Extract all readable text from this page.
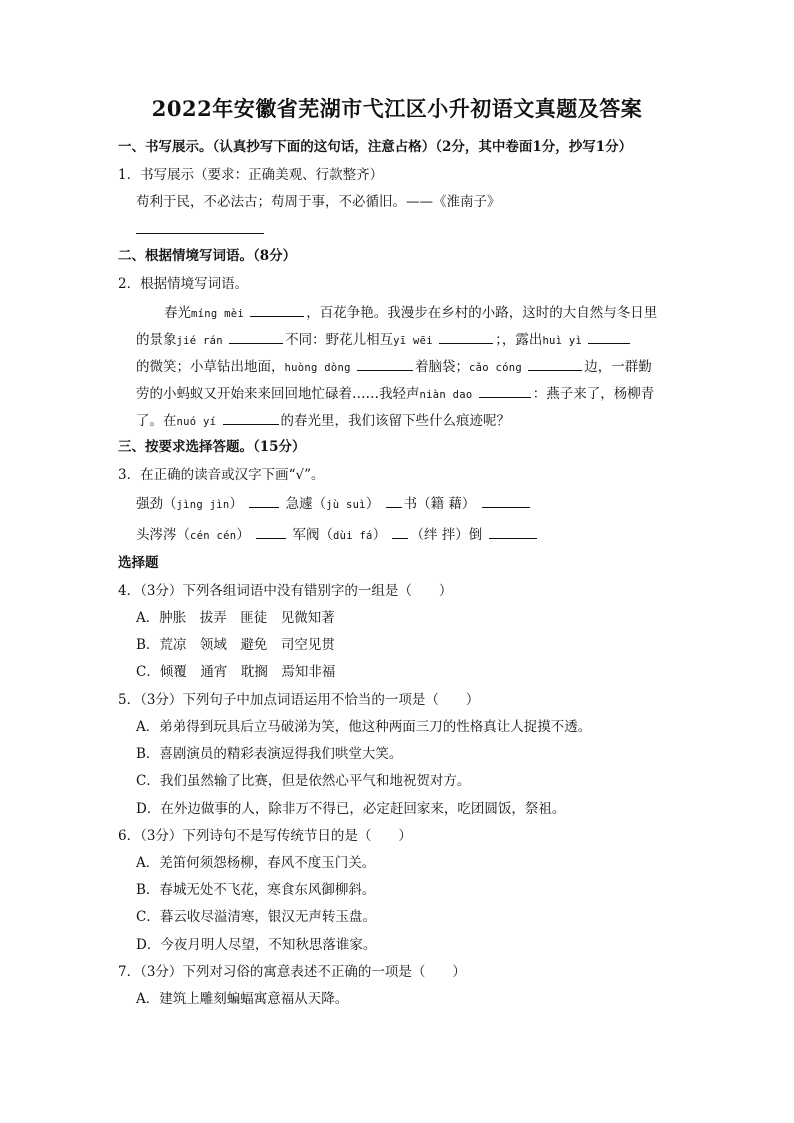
2022年安徽省芜湖市弋江区小升初语文真题及答案
一、书写展示。（认真抄写下面的这句话，注意占格）（2分，其中卷面1分，抄写1分）
1．书写展示（要求：正确美观、行款整齐）
苟利于民，不必法古；苟周于事，不必循旧。——《淮南子》
二、根据情境写词语。（8分）
2．根据情境写词语。
春光míng mèi	，百花争艳。我漫步在乡村的小路，这时的大自然与冬日里
的景象jié rán	不同：野花儿相互yī wēi	；，露出huì yì
的微笑；小草钻出地面，huòng dòng	着脑袋；cǎo cóng	边，一群勤
劳的小蚂蚁又开始来来回回地忙碌着……我轻声niàn dao	：燕子来了，杨柳青
了。在nuó yí	的春光里，我们该留下些什么痕迹呢？
三、按要求选择答题。（15分）
3．在正确的读音或汉字下画“√”。
强劲（jìng jìn）	急遽（jù suì） 书（籍 藉）
头涔涔（cén cén）	军阀（dùi fá） （绊 拌）倒
选择题
4．（3分）下列各组词语中没有错别字的一组是（　　）
A．肿胀　拔弄　匪徒　见微知著
B．荒凉　领域　避免　司空见贯
C．倾覆　通宵　耽搁　焉知非福
5．（3分）下列句子中加点词语运用不恰当的一项是（　　）
A．弟弟得到玩具后立马破涕为笑，他这种两面三刀的性格真让人捉摸不透。
B．喜剧演员的精彩表演逗得我们哄堂大笑。
C．我们虽然输了比赛，但是依然心平气和地祝贺对方。
D．在外边做事的人，除非万不得已，必定赶回家来，吃团圆饭，祭祖。
6．（3分）下列诗句不是写传统节日的是（　　）
A．羌笛何须怨杨柳，春风不度玉门关。
B．春城无处不飞花，寒食东风御柳斜。
C．暮云收尽溢清寒，银汉无声转玉盘。
D．今夜月明人尽望，不知秋思落谁家。
7．（3分）下列对习俗的寓意表述不正确的一项是（　　）
A．建筑上雕刻蝙蝠寓意福从天降。
